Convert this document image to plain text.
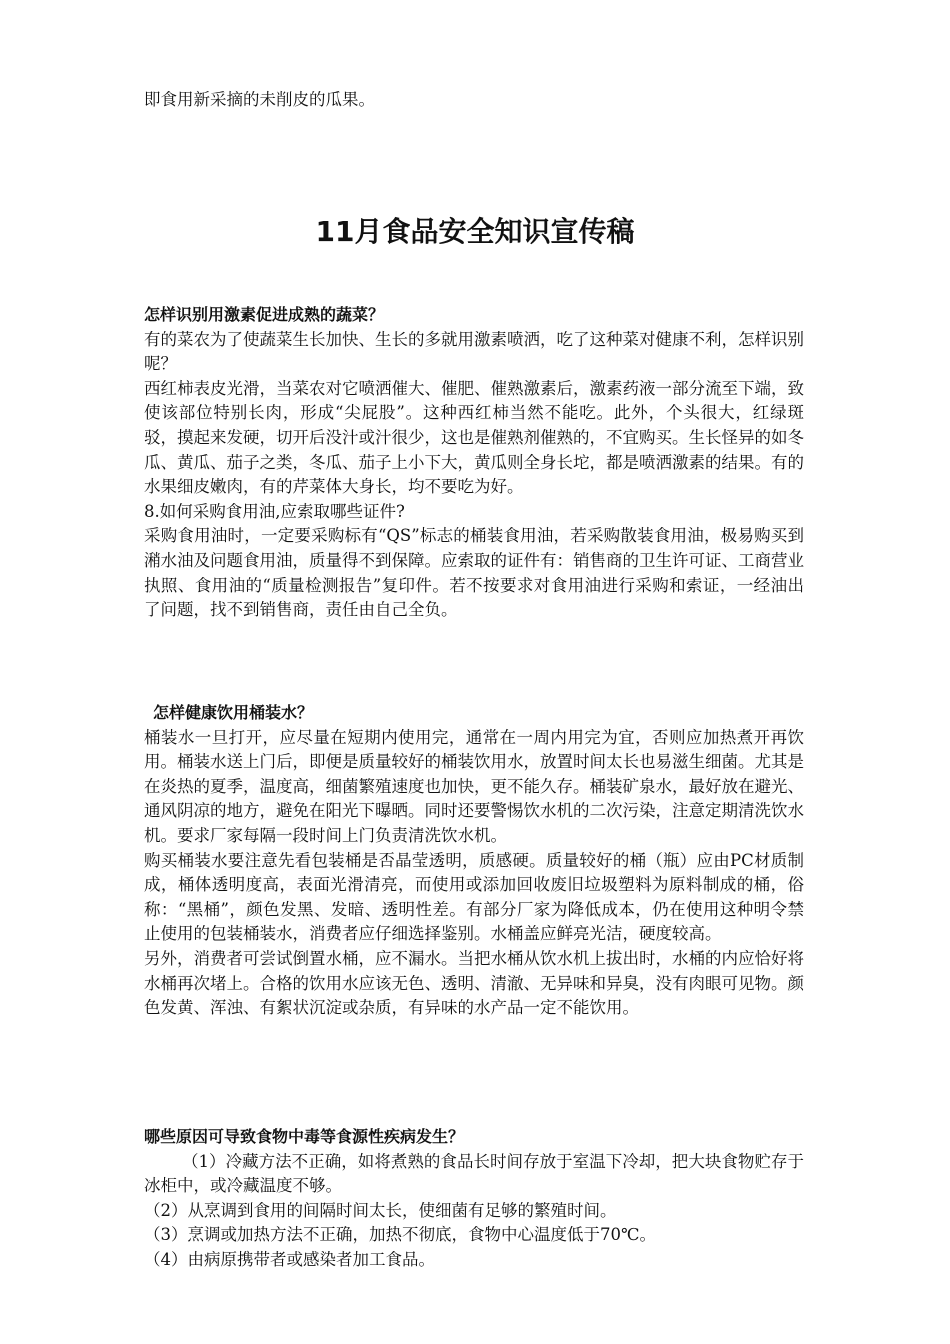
即食用新采摘的未削皮的瓜果。

11月食品安全知识宣传稿
怎样识别用激素促进成熟的蔬菜？

有的菜农为了使蔬菜生长加快、生长的多就用激素喷洒，吃了这种菜对健康不利，怎样识别呢？

西红柿表皮光滑，当菜农对它喷洒催大、催肥、催熟激素后，激素药液一部分流至下端，致使该部位特别长肉，形成“尖屁股”。这种西红柿当然不能吃。此外，个头很大，红绿斑驳，摸起来发硬，切开后没汁或汁很少，这也是催熟剂催熟的，不宜购买。生长怪异的如冬瓜、黄瓜、茄子之类，冬瓜、茄子上小下大，黄瓜则全身长坨，都是喷洒激素的结果。有的水果细皮嫩肉，有的芹菜体大身长，均不要吃为好。

8.如何采购食用油,应索取哪些证件?

采购食用油时，一定要采购标有“QS”标志的桶装食用油，若采购散装食用油，极易购买到潲水油及问题食用油，质量得不到保障。应索取的证件有：销售商的卫生许可证、工商营业执照、食用油的“质量检测报告”复印件。若不按要求对食用油进行采购和索证，一经油出了问题，找不到销售商，责任由自己全负。

怎样健康饮用桶装水？

桶装水一旦打开，应尽量在短期内使用完，通常在一周内用完为宜，否则应加热煮开再饮用。桶装水送上门后，即便是质量较好的桶装饮用水，放置时间太长也易滋生细菌。尤其是在炎热的夏季，温度高，细菌繁殖速度也加快，更不能久存。桶装矿泉水，最好放在避光、通风阴凉的地方，避免在阳光下曝晒。同时还要警惕饮水机的二次污染，注意定期清洗饮水机。要求厂家每隔一段时间上门负责清洗饮水机。

购买桶装水要注意先看包装桶是否晶莹透明，质感硬。质量较好的桶（瓶）应由PC材质制成，桶体透明度高，表面光滑清亮，而使用或添加回收废旧垃圾塑料为原料制成的桶，俗称：“黑桶”，颜色发黑、发暗、透明性差。有部分厂家为降低成本，仍在使用这种明令禁止使用的包装桶装水，消费者应仔细选择鉴别。水桶盖应鲜亮光洁，硬度较高。

另外，消费者可尝试倒置水桶，应不漏水。当把水桶从饮水机上拔出时，水桶的内应恰好将水桶再次堵上。合格的饮用水应该无色、透明、清澈、无异味和异臭，没有肉眼可见物。颜色发黄、浑浊、有絮状沉淀或杂质，有异味的水产品一定不能饮用。

哪些原因可导致食物中毒等食源性疾病发生？

（1）冷藏方法不正确，如将煮熟的食品长时间存放于室温下冷却，把大块食物贮存于冰柜中，或冷藏温度不够。

（2）从烹调到食用的间隔时间太长，使细菌有足够的繁殖时间。

（3）烹调或加热方法不正确，加热不彻底，食物中心温度低于70℃。

（4）由病原携带者或感染者加工食品。
